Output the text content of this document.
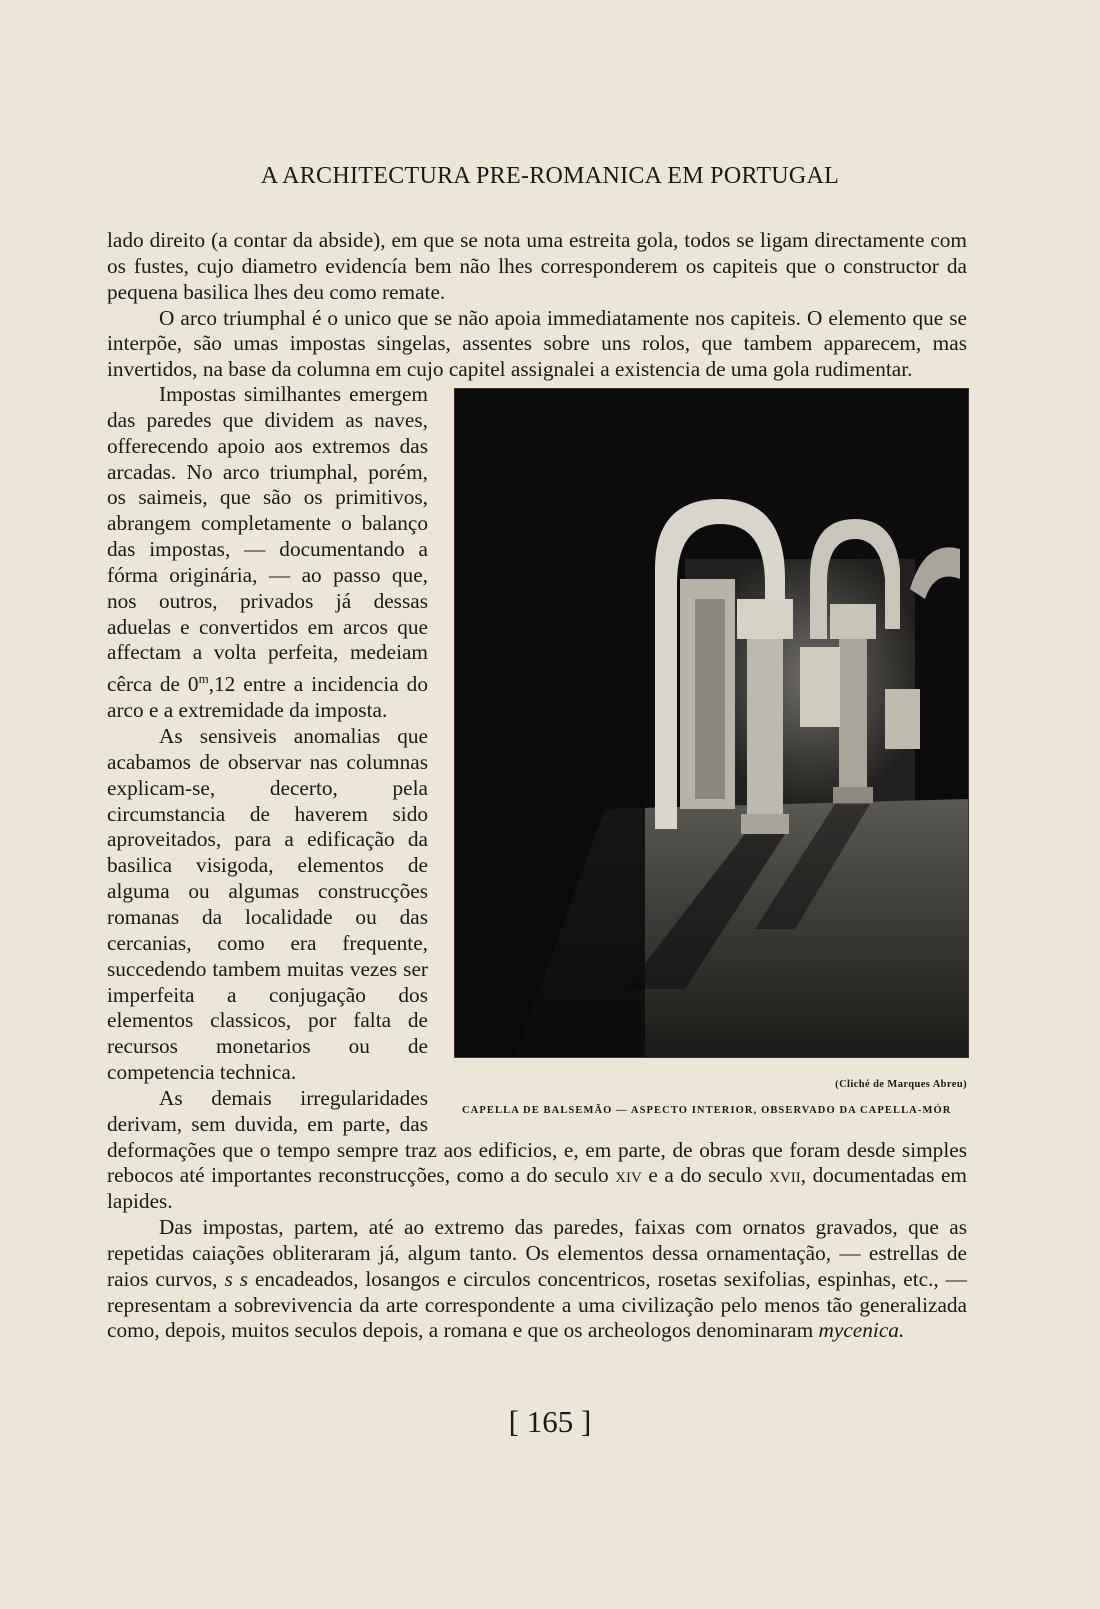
A ARCHITECTURA PRE-ROMANICA EM PORTUGAL

lado direito (a contar da abside), em que se nota uma estreita gola, todos se ligam directamente com os fustes, cujo diametro evidencía bem não lhes corresponderem os capiteis que o constructor da pequena basilica lhes deu como remate.

O arco triumphal é o unico que se não apoia immediatamente nos capiteis. O elemento que se interpõe, são umas impostas singelas, assentes sobre uns rolos, que tambem apparecem, mas invertidos, na base da columna em cujo capitel assignalei a existencia de uma gola rudimentar.

(Cliché de Marques Abreu)
CAPELLA DE BALSEMÃO — ASPECTO INTERIOR, OBSERVADO DA CAPELLA-MÓR

Impostas similhantes emergem das paredes que dividem as naves, offerecendo apoio aos extremos das arcadas. No arco triumphal, porém, os saimeis, que são os primitivos, abrangem completamente o balanço das impostas, — documentando a fórma originária, — ao passo que, nos outros, privados já dessas aduelas e convertidos em arcos que affectam a volta perfeita, medeiam cêrca de 0$^m$,12 entre a incidencia do arco e a extremidade da imposta.

As sensiveis anomalias que acabamos de observar nas columnas explicam-se, decerto, pela circumstancia de haverem sido aproveitados, para a edificação da basilica visigoda, elementos de alguma ou algumas construcções romanas da localidade ou das cercanias, como era frequente, succedendo tambem muitas vezes ser imperfeita a conjugação dos elementos classicos, por falta de recursos monetarios ou de competencia technica.

As demais irregularidades derivam, sem duvida, em parte, das deformações que o tempo sempre traz aos edificios, e, em parte, de obras que foram desde simples rebocos até importantes reconstrucções, como a do seculo xiv e a do seculo xvii, documentadas em lapides.

Das impostas, partem, até ao extremo das paredes, faixas com ornatos gravados, que as repetidas caiações obliteraram já, algum tanto. Os elementos dessa ornamentação, — estrellas de raios curvos, s s encadeados, losangos e circulos concentricos, rosetas sexifolias, espinhas, etc., — representam a sobrevivencia da arte correspondente a uma civilização pelo menos tão generalizada como, depois, muitos seculos depois, a romana e que os archeologos denominaram mycenica.

[ 165 ]
